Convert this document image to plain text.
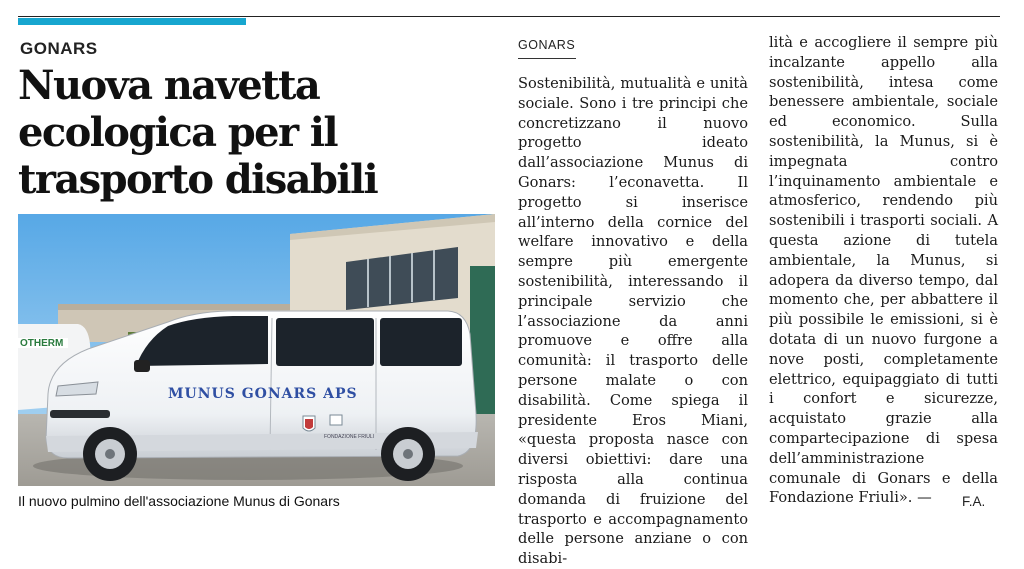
GONARS
Nuova navetta ecologica per il trasporto disabili
OTHERM
MUNUS GONARS APS
FONDAZIONE FRIULI
Il nuovo pulmino dell'associazione Munus di Gonars
GONARS

Sostenibilità, mutualità e unità sociale. Sono i tre principi che concretizzano il nuovo progetto ideato dall’associazione Munus di Gonars: l’econavetta. Il progetto si inserisce all’interno della cornice del welfare innovativo e della sempre più emergente sostenibilità, interessando il principale servizio che l’associazione da anni promuove e offre alla comunità: il trasporto delle persone malate o con disabilità. Come spiega il presidente Eros Miani, «questa proposta nasce con diversi obiettivi: dare una risposta alla continua domanda di fruizione del trasporto e accompagnamento delle persone anziane o con disabi-

lità e accogliere il sempre più incalzante appello alla sostenibilità, intesa come benessere ambientale, sociale ed economico. Sulla sostenibilità, la Munus, si è impegnata contro l’inquinamento ambientale e atmosferico, rendendo più sostenibili i trasporti sociali. A questa azione di tutela ambientale, la Munus, si adopera da diverso tempo, dal momento che, per abbattere il più possibile le emissioni, si è dotata di un nuovo furgone a nove posti, completamente elettrico, equipaggiato di tutti i confort e sicurezze, acquistato grazie alla compartecipazione di spesa dell’amministrazione comunale di Gonars e della Fondazione Friuli». —	F.A.
